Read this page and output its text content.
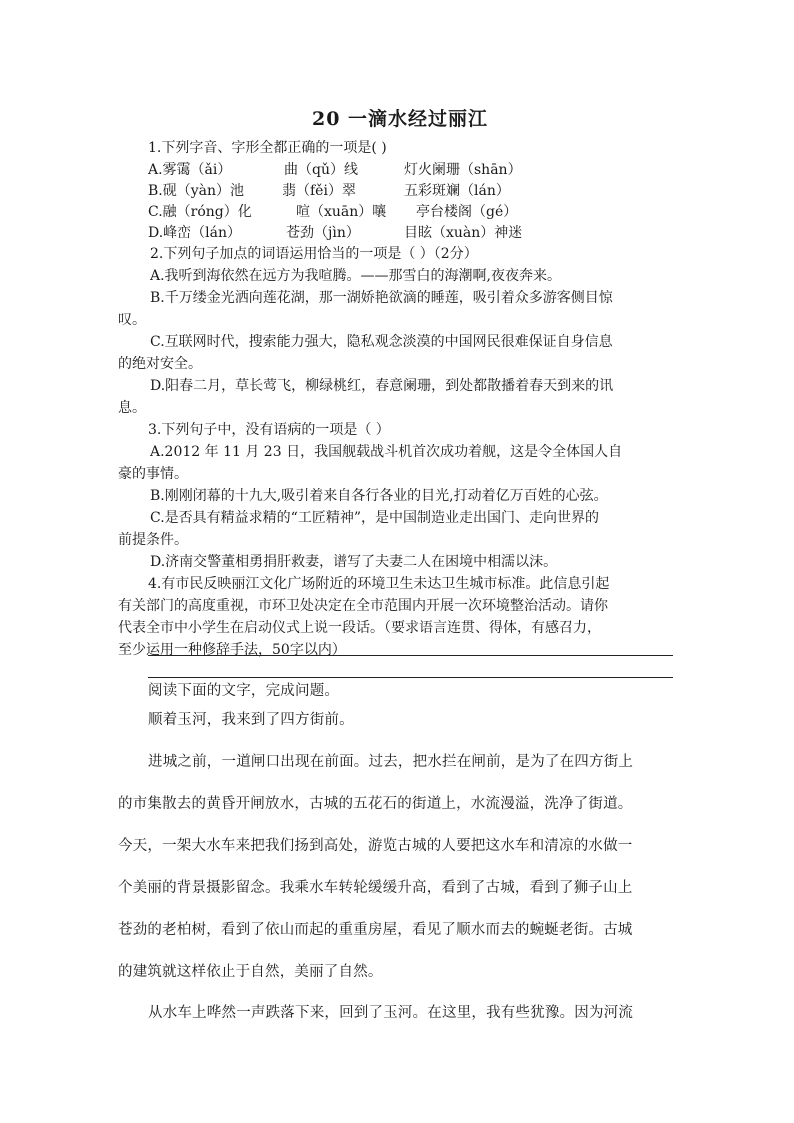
20 一滴水经过丽江
1.下列字音、字形全都正确的一项是( )
A.雾霭（ǎi）	曲（qǔ）线	灯火阑珊（shān）
B.砚（yàn）池	翡（fěi）翠	五彩斑斓（lán）
C.融（róng）化	喧（xuān）嚷 亭台楼阁（gé）
D.峰峦（lán）	苍劲（jìn）	目眩（xuàn）神迷
2.下列句子加点的词语运用恰当的一项是（ ）（2分）
A.我听到海依然在远方为我喧腾。——那雪白的海潮啊,夜夜奔来。
B.千万缕金光洒向莲花湖，那一湖娇艳欲滴的睡莲，吸引着众多游客侧目惊
叹。
C.互联网时代，搜索能力强大，隐私观念淡漠的中国网民很难保证自身信息
的绝对安全。
D.阳春二月，草长莺飞，柳绿桃红，春意阑珊，到处都散播着春天到来的讯
息。
3.下列句子中，没有语病的一项是（ ）
A.2012 年 11 月 23 日，我国舰载战斗机首次成功着舰，这是令全体国人自
豪的事情。
B.刚刚闭幕的十九大,吸引着来自各行各业的目光,打动着亿万百姓的心弦。
C.是否具有精益求精的“工匠精神”，是中国制造业走出国门、走向世界的
前提条件。
D.济南交警董相勇捐肝救妻，谱写了夫妻二人在困境中相濡以沫。
4.有市民反映丽江文化广场附近的环境卫生未达卫生城市标准。此信息引起
有关部门的高度重视，市环卫处决定在全市范围内开展一次环境整治活动。请你
代表全市中小学生在启动仪式上说一段话。（要求语言连贯、得体，有感召力，
至少运用一种修辞手法，50字以内）
阅读下面的文字，完成问题。
顺着玉河，我来到了四方街前。
进城之前，一道闸口出现在前面。过去，把水拦在闸前，是为了在四方街上
的市集散去的黄昏开闸放水，古城的五花石的街道上，水流漫溢，洗净了街道。
今天，一架大水车来把我们扬到高处，游览古城的人要把这水车和清凉的水做一
个美丽的背景摄影留念。我乘水车转轮缓缓升高，看到了古城，看到了狮子山上
苍劲的老柏树，看到了依山而起的重重房屋，看见了顺水而去的蜿蜒老街。古城
的建筑就这样依止于自然，美丽了自然。
从水车上哗然一声跌落下来，回到了玉河。在这里，我有些犹豫。因为河流
